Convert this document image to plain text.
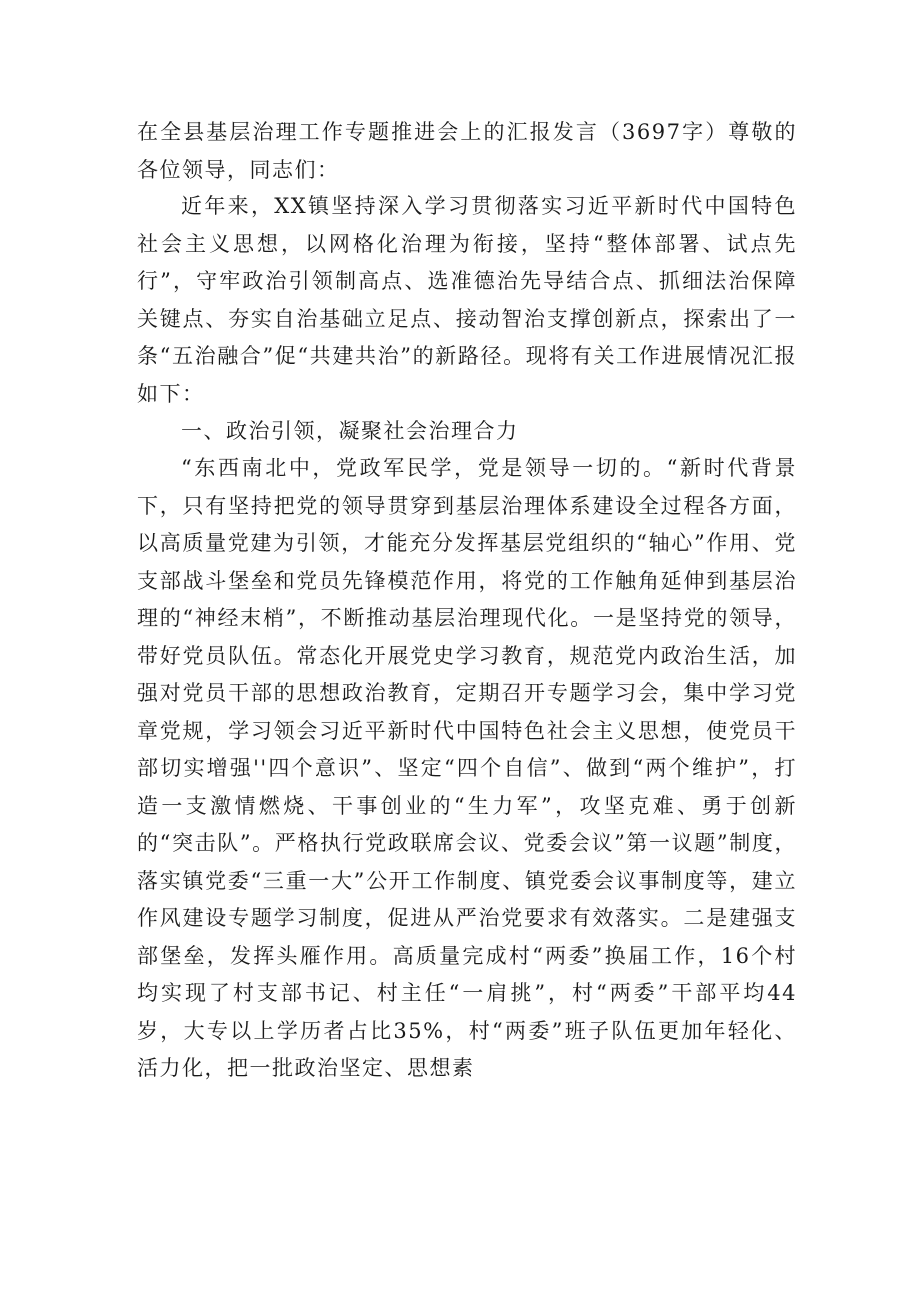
在全县基层治理工作专题推进会上的汇报发言（3697字）尊敬的各位领导，同志们：

近年来，XX镇坚持深入学习贯彻落实习近平新时代中国特色社会主义思想，以网格化治理为衔接，坚持“整体部署、试点先行”，守牢政治引领制高点、选准德治先导结合点、抓细法治保障关键点、夯实自治基础立足点、接动智治支撑创新点，探索出了一条“五治融合”促“共建共治”的新路径。现将有关工作进展情况汇报如下：

一、政治引领，凝聚社会治理合力

“东西南北中，党政军民学，党是领导一切的。“新时代背景下，只有坚持把党的领导贯穿到基层治理体系建设全过程各方面，以高质量党建为引领，才能充分发挥基层党组织的“轴心”作用、党支部战斗堡垒和党员先锋模范作用，将党的工作触角延伸到基层治理的“神经末梢”，不断推动基层治理现代化。一是坚持党的领导，带好党员队伍。常态化开展党史学习教育，规范党内政治生活，加强对党员干部的思想政治教育，定期召开专题学习会，集中学习党章党规，学习领会习近平新时代中国特色社会主义思想，使党员干部切实增强''四个意识”、坚定“四个自信”、做到“两个维护”，打造一支激情燃烧、干事创业的“生力军”，攻坚克难、勇于创新的“突击队”。严格执行党政联席会议、党委会议”第一议题”制度，落实镇党委“三重一大”公开工作制度、镇党委会议事制度等，建立作风建设专题学习制度，促进从严治党要求有效落实。二是建强支部堡垒，发挥头雁作用。高质量完成村“两委”换届工作，16个村均实现了村支部书记、村主任“一肩挑”，村“两委”干部平均44岁，大专以上学历者占比35%，村“两委”班子队伍更加年轻化、活力化，把一批政治坚定、思想素
